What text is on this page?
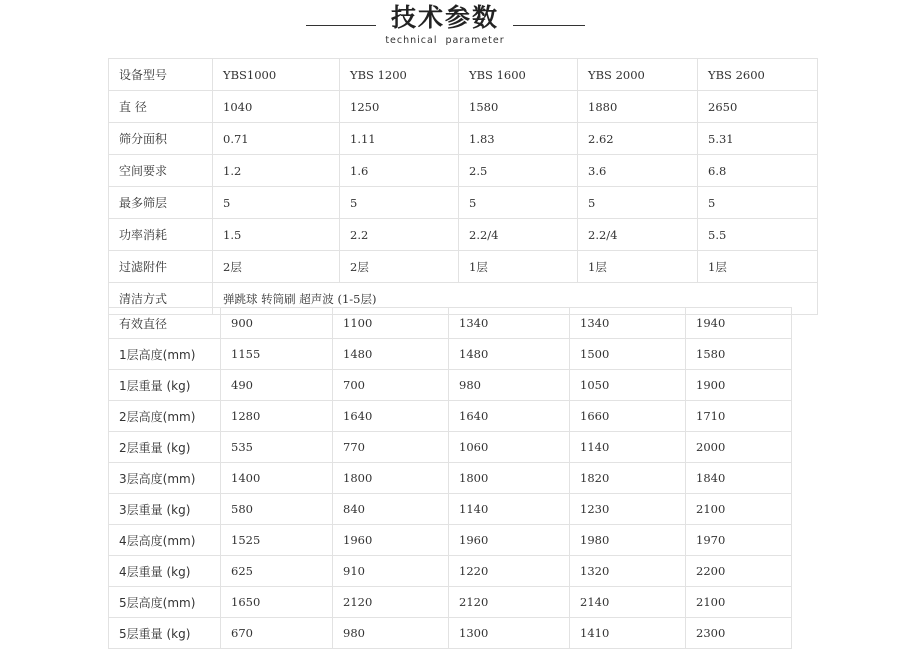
技术参数
technical parameter
设备型号	YBS1000	YBS 1200	YBS 1600	YBS 2000	YBS 2600
直 径	1040	1250	1580	1880	2650
筛分面积	0.71	1.11	1.83	2.62	5.31
空间要求	1.2	1.6	2.5	3.6	6.8
最多筛层	5	5	5	5	5
功率消耗	1.5	2.2	2.2/4	2.2/4	5.5
过滤附件	2层	2层	1层	1层	1层
清洁方式	弹跳球 转筒刷 超声波 (1-5层)				
有效直径	900	1100	1340	1340	1940
1层高度(mm)	1155	1480	1480	1500	1580
1层重量 (kg)	490	700	980	1050	1900
2层高度(mm)	1280	1640	1640	1660	1710
2层重量 (kg)	535	770	1060	1140	2000
3层高度(mm)	1400	1800	1800	1820	1840
3层重量 (kg)	580	840	1140	1230	2100
4层高度(mm)	1525	1960	1960	1980	1970
4层重量 (kg)	625	910	1220	1320	2200
5层高度(mm)	1650	2120	2120	2140	2100
5层重量 (kg)	670	980	1300	1410	2300
